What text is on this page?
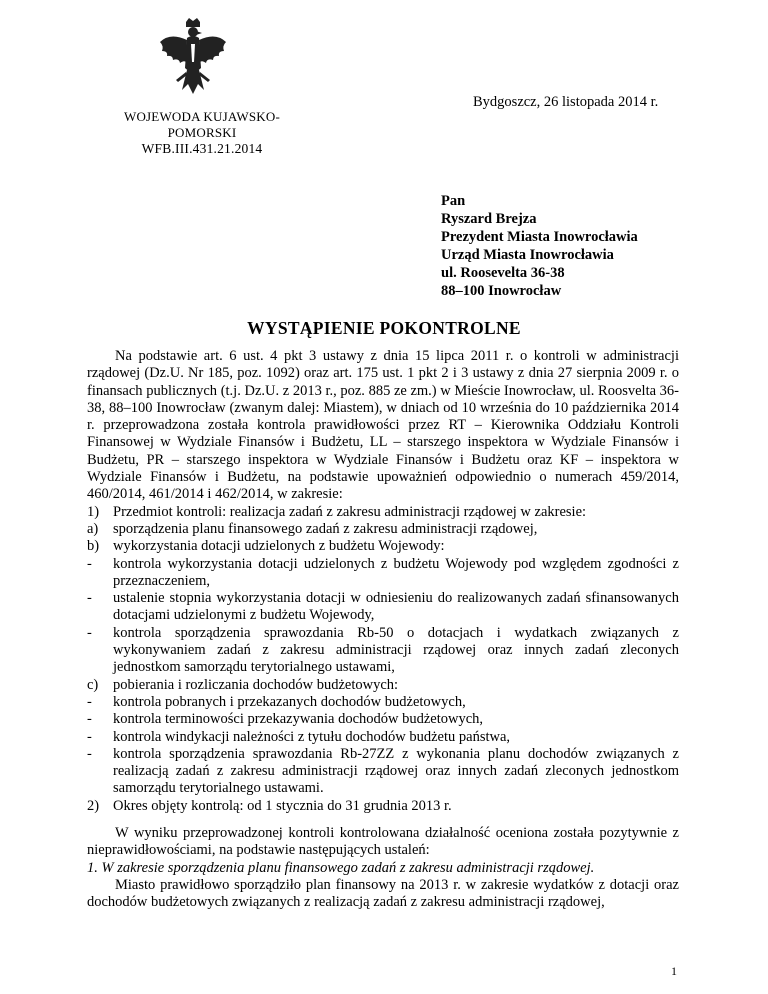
Bydgoszcz, 26 listopada 2014 r.
WOJEWODA KUJAWSKO-POMORSKI
WFB.III.431.21.2014
Pan
Ryszard Brejza
Prezydent Miasta Inowrocławia
Urząd Miasta Inowrocławia
ul. Roosevelta 36-38
88–100 Inowrocław
WYSTĄPIENIE POKONTROLNE

Na podstawie art. 6 ust. 4 pkt 3 ustawy z dnia 15 lipca 2011 r. o kontroli w administracji rządowej (Dz.U. Nr 185, poz. 1092) oraz art. 175 ust. 1 pkt 2 i 3 ustawy z dnia 27 sierpnia 2009 r. o finansach publicznych (t.j. Dz.U. z 2013 r., poz. 885 ze zm.) w Mieście Inowrocław, ul. Roosvelta 36-38, 88–100 Inowrocław (zwanym dalej: Miastem), w dniach od 10 września do 10 października 2014 r. przeprowadzona została kontrola prawidłowości przez RT – Kierownika Oddziału Kontroli Finansowej w Wydziale Finansów i Budżetu, LL – starszego inspektora w Wydziale Finansów i Budżetu, PR – starszego inspektora w Wydziale Finansów i Budżetu oraz KF – inspektora w Wydziale Finansów i Budżetu, na podstawie upoważnień odpowiednio o numerach 459/2014, 460/2014, 461/2014 i 462/2014, w zakresie:

1) Przedmiot kontroli: realizacja zadań z zakresu administracji rządowej w zakresie:
a)	sporządzenia planu finansowego zadań z zakresu administracji rządowej,
b) wykorzystania dotacji udzielonych z budżetu Wojewody:
-	kontrola wykorzystania dotacji udzielonych z budżetu Wojewody pod względem zgodności z przeznaczeniem,
-	ustalenie stopnia wykorzystania dotacji w odniesieniu do realizowanych zadań sfinansowanych dotacjami udzielonymi z budżetu Wojewody,
-	kontrola sporządzenia sprawozdania Rb-50 o dotacjach i wydatkach związanych z wykonywaniem zadań z zakresu administracji rządowej oraz innych zadań zleconych jednostkom samorządu terytorialnego ustawami,
c)	pobierania i rozliczania dochodów budżetowych:
-	kontrola pobranych i przekazanych dochodów budżetowych,
-	kontrola terminowości przekazywania dochodów budżetowych,
-	kontrola windykacji należności z tytułu dochodów budżetu państwa,
-	kontrola sporządzenia sprawozdania Rb-27ZZ z wykonania planu dochodów związanych z realizacją zadań z zakresu administracji rządowej oraz innych zadań zleconych jednostkom samorządu terytorialnego ustawami.
2) Okres objęty kontrolą: od 1 stycznia do 31 grudnia 2013 r.

W wyniku przeprowadzonej kontroli kontrolowana działalność oceniona została pozytywnie z nieprawidłowościami, na podstawie następujących ustaleń:

1. W zakresie sporządzenia planu finansowego zadań z zakresu administracji rządowej.

Miasto prawidłowo sporządziło plan finansowy na 2013 r. w zakresie wydatków z dotacji oraz dochodów budżetowych związanych z realizacją zadań z zakresu administracji rządowej,

1
